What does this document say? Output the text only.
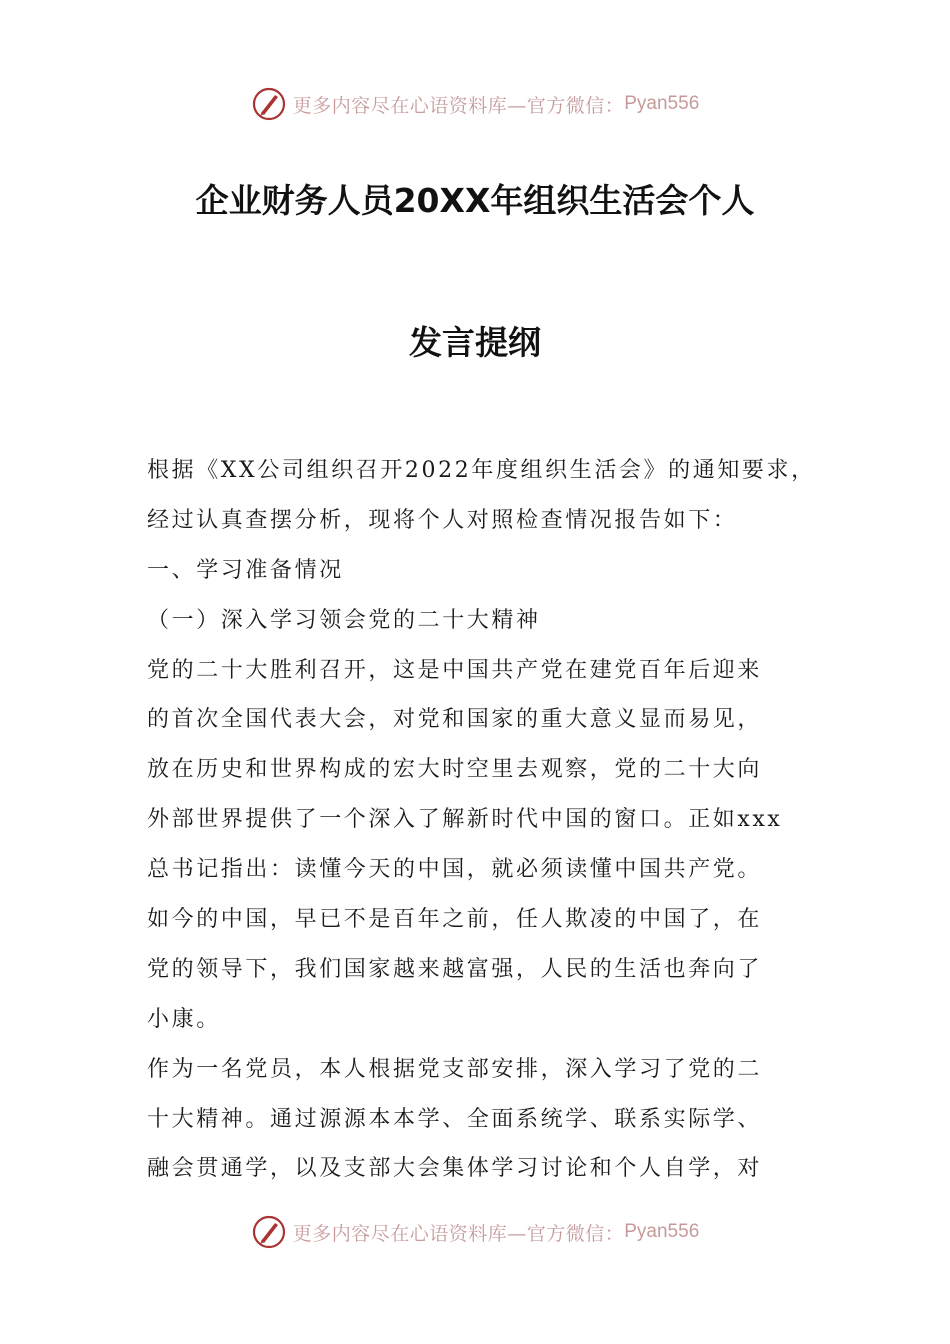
更多内容尽在心语资料库—官方微信： Pyan556
企业财务人员20XX年组织生活会个人
发言提纲
根据《XX公司组织召开2022年度组织生活会》的通知要求，
经过认真查摆分析，现将个人对照检查情况报告如下：
一、学习准备情况
（一）深入学习领会党的二十大精神
党的二十大胜利召开，这是中国共产党在建党百年后迎来
的首次全国代表大会，对党和国家的重大意义显而易见，
放在历史和世界构成的宏大时空里去观察，党的二十大向
外部世界提供了一个深入了解新时代中国的窗口。正如xxx
总书记指出：读懂今天的中国，就必须读懂中国共产党。
如今的中国，早已不是百年之前，任人欺凌的中国了，在
党的领导下，我们国家越来越富强，人民的生活也奔向了
小康。
作为一名党员，本人根据党支部安排，深入学习了党的二
十大精神。通过源源本本学、全面系统学、联系实际学、
融会贯通学，以及支部大会集体学习讨论和个人自学，对
更多内容尽在心语资料库—官方微信： Pyan556
